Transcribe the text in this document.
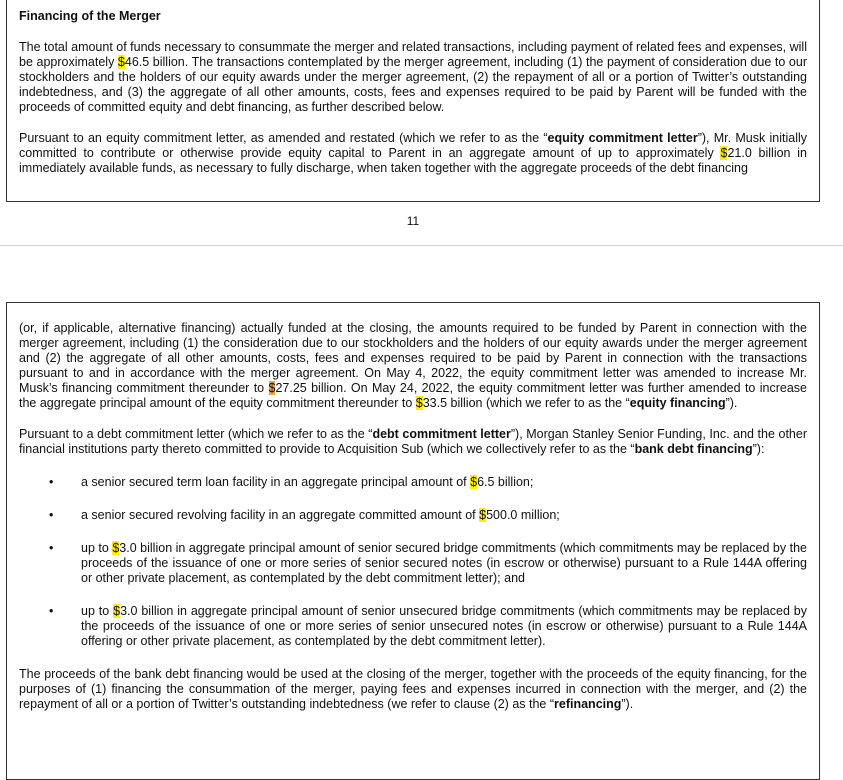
Financing of the Merger

The total amount of funds necessary to consummate the merger and related transactions, including payment of related fees and expenses, will be approximately $46.5 billion. The transactions contemplated by the merger agreement, including (1) the payment of consideration due to our stockholders and the holders of our equity awards under the merger agreement, (2) the repayment of all or a portion of Twitter’s outstanding indebtedness, and (3) the aggregate of all other amounts, costs, fees and expenses required to be paid by Parent will be funded with the proceeds of committed equity and debt financing, as further described below.

Pursuant to an equity commitment letter, as amended and restated (which we refer to as the “equity commitment letter”), Mr. Musk initially committed to contribute or otherwise provide equity capital to Parent in an aggregate amount of up to approximately $21.0 billion in immediately available funds, as necessary to fully discharge, when taken together with the aggregate proceeds of the debt financing

11

(or, if applicable, alternative financing) actually funded at the closing, the amounts required to be funded by Parent in connection with the merger agreement, including (1) the consideration due to our stockholders and the holders of our equity awards under the merger agreement and (2) the aggregate of all other amounts, costs, fees and expenses required to be paid by Parent in connection with the transactions pursuant to and in accordance with the merger agreement. On May 4, 2022, the equity commitment letter was amended to increase Mr. Musk’s financing commitment thereunder to $27.25 billion. On May 24, 2022, the equity commitment letter was further amended to increase the aggregate principal amount of the equity commitment thereunder to $33.5 billion (which we refer to as the “equity financing”).

Pursuant to a debt commitment letter (which we refer to as the “debt commitment letter”), Morgan Stanley Senior Funding, Inc. and the other financial institutions party thereto committed to provide to Acquisition Sub (which we collectively refer to as the “bank debt financing”):

•	a senior secured term loan facility in an aggregate principal amount of $6.5 billion;
•	a senior secured revolving facility in an aggregate committed amount of $500.0 million;
•	up to $3.0 billion in aggregate principal amount of senior secured bridge commitments (which commitments may be replaced by the proceeds of the issuance of one or more series of senior secured notes (in escrow or otherwise) pursuant to a Rule 144A offering or other private placement, as contemplated by the debt commitment letter); and
•	up to $3.0 billion in aggregate principal amount of senior unsecured bridge commitments (which commitments may be replaced by the proceeds of the issuance of one or more series of senior unsecured notes (in escrow or otherwise) pursuant to a Rule 144A offering or other private placement, as contemplated by the debt commitment letter).

The proceeds of the bank debt financing would be used at the closing of the merger, together with the proceeds of the equity financing, for the purposes of (1) financing the consummation of the merger, paying fees and expenses incurred in connection with the merger, and (2) the repayment of all or a portion of Twitter’s outstanding indebtedness (we refer to clause (2) as the “refinancing”).
